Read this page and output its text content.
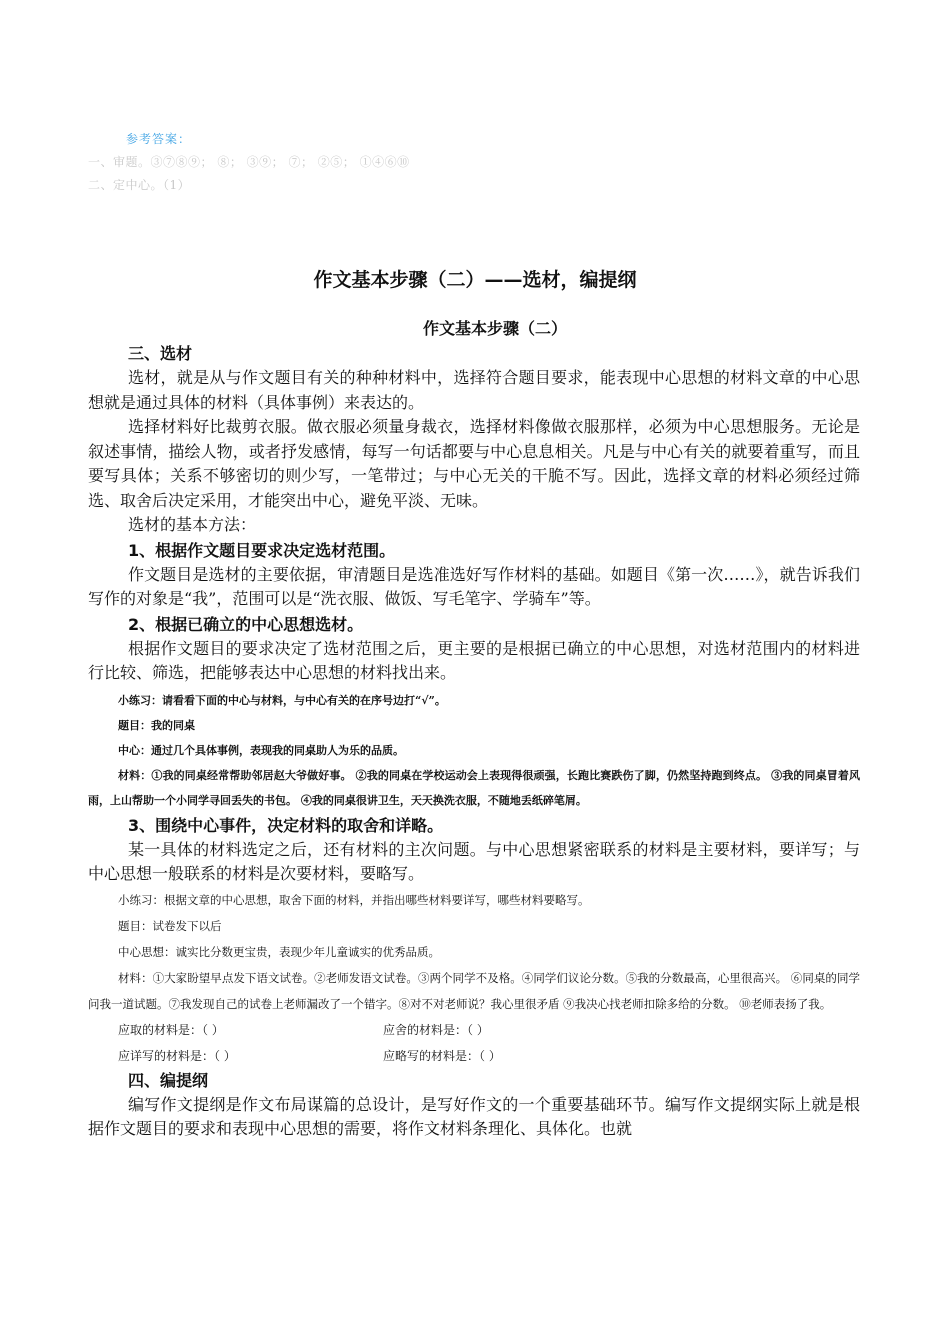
参考答案：
一、审题。③⑦⑧⑨； ⑧； ③⑨； ⑦； ②⑤； ①④⑥⑩
二、定中心。（1）
作文基本步骤（二）——选材，编提纲
作文基本步骤（二）
三、选材

选材，就是从与作文题目有关的种种材料中，选择符合题目要求，能表现中心思想的材料文章的中心思想就是通过具体的材料（具体事例）来表达的。

选择材料好比裁剪衣服。做衣服必须量身裁衣，选择材料像做衣服那样，必须为中心思想服务。无论是叙述事情，描绘人物，或者抒发感情，每写一句话都要与中心息息相关。凡是与中心有关的就要着重写，而且要写具体；关系不够密切的则少写，一笔带过；与中心无关的干脆不写。因此，选择文章的材料必须经过筛选、取舍后决定采用，才能突出中心，避免平淡、无味。

选材的基本方法：

1、根据作文题目要求决定选材范围。

作文题目是选材的主要依据，审清题目是选准选好写作材料的基础。如题目《第一次……》，就告诉我们写作的对象是“我”，范围可以是“洗衣服、做饭、写毛笔字、学骑车”等。

2、根据已确立的中心思想选材。

根据作文题目的要求决定了选材范围之后，更主要的是根据已确立的中心思想，对选材范围内的材料进行比较、筛选，把能够表达中心思想的材料找出来。

小练习：请看看下面的中心与材料，与中心有关的在序号边打“√”。

题目：我的同桌

中心：通过几个具体事例，表现我的同桌助人为乐的品质。

材料：①我的同桌经常帮助邻居赵大爷做好事。 ②我的同桌在学校运动会上表现得很顽强，长跑比赛跌伤了脚，仍然坚持跑到终点。 ③我的同桌冒着风雨，上山帮助一个小同学寻回丢失的书包。 ④我的同桌很讲卫生，天天换洗衣服，不随地丢纸碎笔屑。

3、围绕中心事件，决定材料的取舍和详略。

某一具体的材料选定之后，还有材料的主次问题。与中心思想紧密联系的材料是主要材料，要详写；与中心思想一般联系的材料是次要材料，要略写。

小练习：根据文章的中心思想，取舍下面的材料，并指出哪些材料要详写，哪些材料要略写。

题目：试卷发下以后

中心思想：诚实比分数更宝贵，表现少年儿童诚实的优秀品质。

材料：①大家盼望早点发下语文试卷。②老师发语文试卷。③两个同学不及格。④同学们议论分数。⑤我的分数最高，心里很高兴。 ⑥同桌的同学问我一道试题。⑦我发现自己的试卷上老师漏改了一个错字。⑧对不对老师说？我心里很矛盾 ⑨我决心找老师扣除多给的分数。 ⑩老师表扬了我。

应取的材料是：（ ）	应舍的材料是：（ ）
应详写的材料是：（ ）	应略写的材料是：（ ）
四、编提纲

编写作文提纲是作文布局谋篇的总设计，是写好作文的一个重要基础环节。编写作文提纲实际上就是根据作文题目的要求和表现中心思想的需要，将作文材料条理化、具体化。也就
